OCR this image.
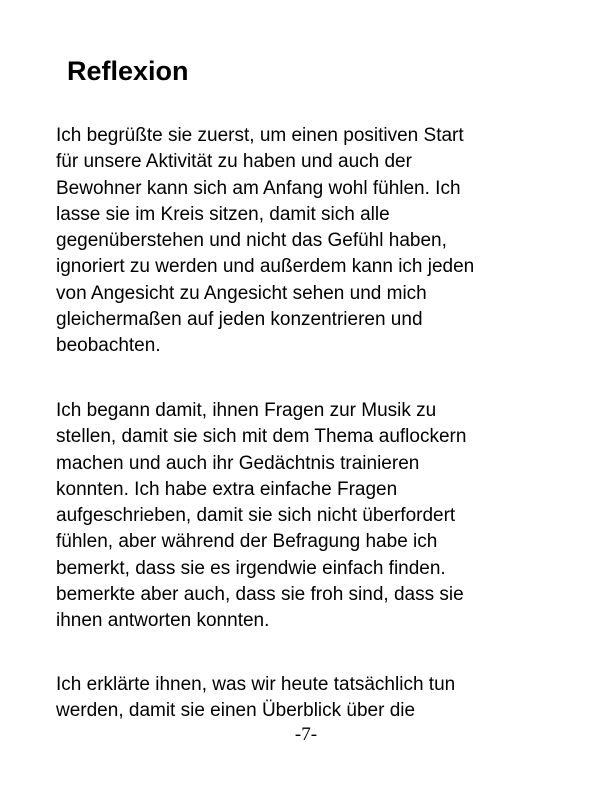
Reflexion
Ich begrüßte sie zuerst, um einen positiven Start
für unsere Aktivität zu haben und auch der
Bewohner kann sich am Anfang wohl fühlen. Ich
lasse sie im Kreis sitzen, damit sich alle
gegenüberstehen und nicht das Gefühl haben,
ignoriert zu werden und außerdem kann ich jeden
von Angesicht zu Angesicht sehen und mich
gleichermaßen auf jeden konzentrieren und
beobachten.
Ich begann damit, ihnen Fragen zur Musik zu
stellen, damit sie sich mit dem Thema auflockern
machen und auch ihr Gedächtnis trainieren
konnten. Ich habe extra einfache Fragen
aufgeschrieben, damit sie sich nicht überfordert
fühlen, aber während der Befragung habe ich
bemerkt, dass sie es irgendwie einfach finden.
bemerkte aber auch, dass sie froh sind, dass sie
ihnen antworten konnten.
Ich erklärte ihnen, was wir heute tatsächlich tun
werden, damit sie einen Überblick über die
-7-
